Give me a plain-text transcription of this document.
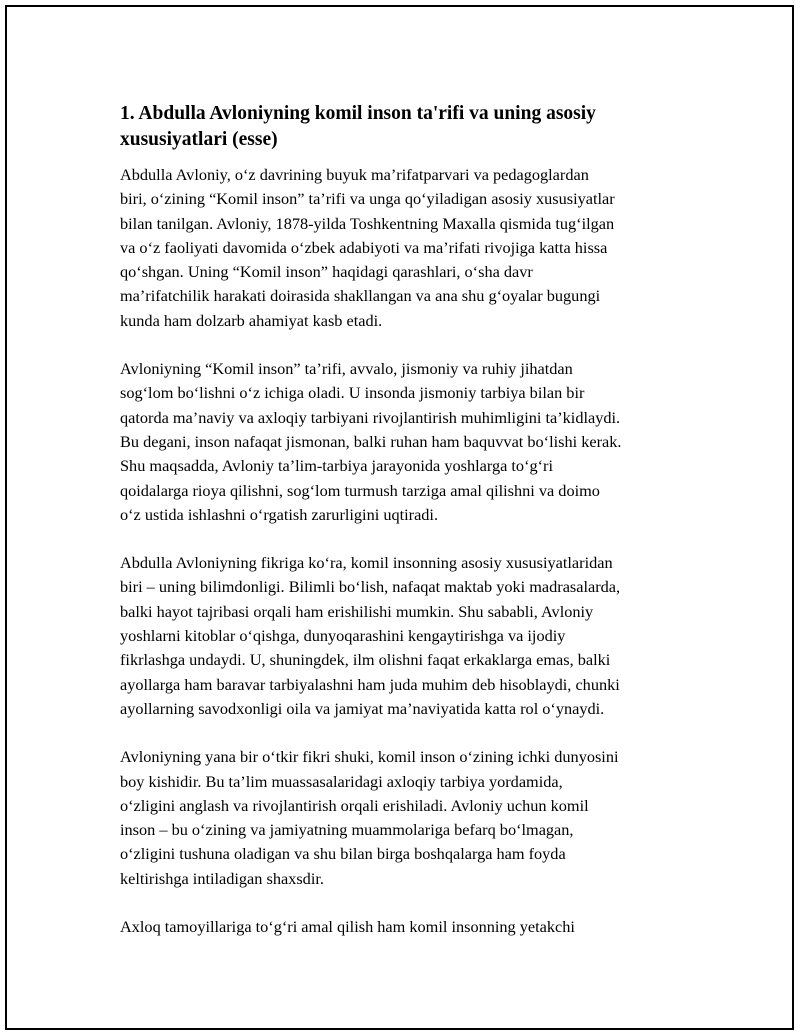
1. Abdulla Avloniyning komil inson ta'rifi va uning asosiy
xususiyatlari (esse)

Abdulla Avloniy, o‘z davrining buyuk ma’rifatparvari va pedagoglardan
biri, o‘zining “Komil inson” ta’rifi va unga qo‘yiladigan asosiy xususiyatlar
bilan tanilgan. Avloniy, 1878-yilda Toshkentning Maxalla qismida tug‘ilgan
va o‘z faoliyati davomida o‘zbek adabiyoti va ma’rifati rivojiga katta hissa
qo‘shgan. Uning “Komil inson” haqidagi qarashlari, o‘sha davr
ma’rifatchilik harakati doirasida shakllangan va ana shu g‘oyalar bugungi
kunda ham dolzarb ahamiyat kasb etadi.

Avloniyning “Komil inson” ta’rifi, avvalo, jismoniy va ruhiy jihatdan
sog‘lom bo‘lishni o‘z ichiga oladi. U insonda jismoniy tarbiya bilan bir
qatorda ma’naviy va axloqiy tarbiyani rivojlantirish muhimligini ta’kidlaydi.
Bu degani, inson nafaqat jismonan, balki ruhan ham baquvvat bo‘lishi kerak.
Shu maqsadda, Avloniy ta’lim-tarbiya jarayonida yoshlarga to‘g‘ri
qoidalarga rioya qilishni, sog‘lom turmush tarziga amal qilishni va doimo
o‘z ustida ishlashni o‘rgatish zarurligini uqtiradi.

Abdulla Avloniyning fikriga ko‘ra, komil insonning asosiy xususiyatlaridan
biri – uning bilimdonligi. Bilimli bo‘lish, nafaqat maktab yoki madrasalarda,
balki hayot tajribasi orqali ham erishilishi mumkin. Shu sababli, Avloniy
yoshlarni kitoblar o‘qishga, dunyoqarashini kengaytirishga va ijodiy
fikrlashga undaydi. U, shuningdek, ilm olishni faqat erkaklarga emas, balki
ayollarga ham baravar tarbiyalashni ham juda muhim deb hisoblaydi, chunki
ayollarning savodxonligi oila va jamiyat ma’naviyatida katta rol o‘ynaydi.

Avloniyning yana bir o‘tkir fikri shuki, komil inson o‘zining ichki dunyosini
boy kishidir. Bu ta’lim muassasalaridagi axloqiy tarbiya yordamida,
o‘zligini anglash va rivojlantirish orqali erishiladi. Avloniy uchun komil
inson – bu o‘zining va jamiyatning muammolariga befarq bo‘lmagan,
o‘zligini tushuna oladigan va shu bilan birga boshqalarga ham foyda
keltirishga intiladigan shaxsdir.

Axloq tamoyillariga to‘g‘ri amal qilish ham komil insonning yetakchi
